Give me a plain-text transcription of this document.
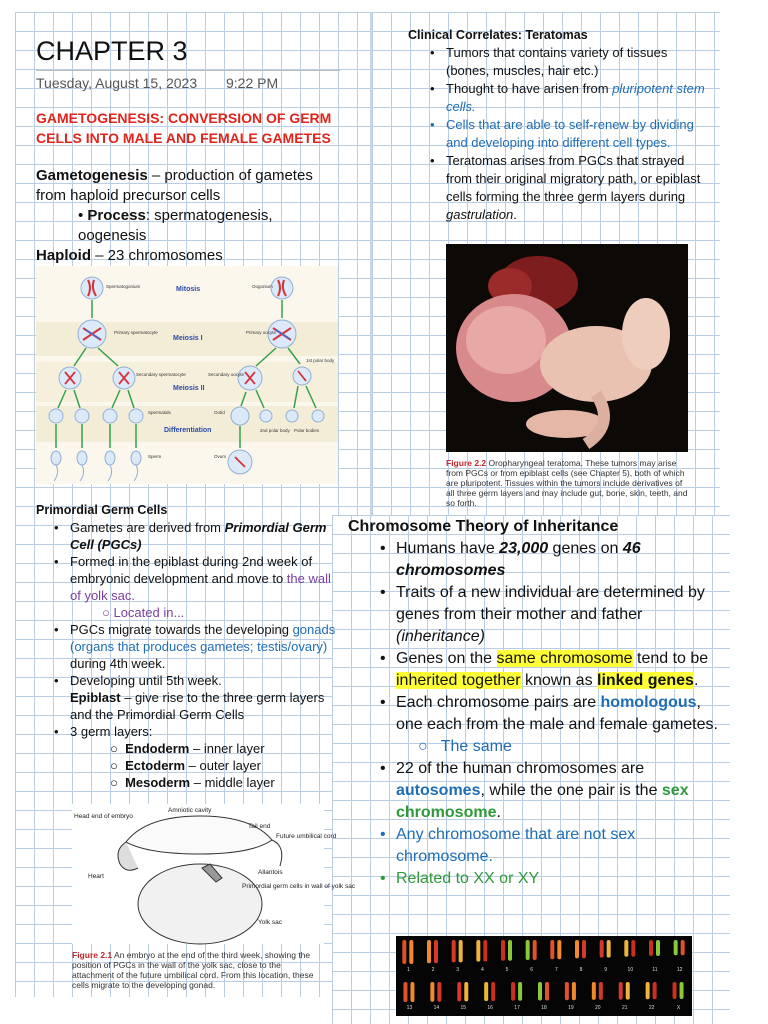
CHAPTER 3
Tuesday, August 15, 2023 9:22 PM
GAMETOGENESIS: CONVERSION OF GERM
CELLS INTO MALE AND FEMALE GAMETES
Gametogenesis – production of gametes from haploid precursor cells
• Process: spermatogenesis, oogenesis
Haploid – 23 chromosomes
Mitosis
Meiosis I
Meiosis II
Differentiation
Spermatogonium	Oogonium
Primary spermatocyte	Primary oocyte
Secondary spermatocyte	Secondary oocyte
1st polar body
Spermatids	Ootid
2nd polar body Polar bodies
Sperm	Ovum
Primordial Germ Cells
• Gametes are derived from Primordial Germ Cell (PGCs)
• Formed in the epiblast during 2nd week of embryonic development and move to the wall of yolk sac.
○ Located in...
• PGCs migrate towards the developing gonads (organs that produces gametes; testis/ovary) during 4th week.
• Developing until 5th week.
Epiblast – give rise to the three germ layers and the Primordial Germ Cells
• 3 germ layers:
○  Endoderm – inner layer
○  Ectoderm – outer layer
○  Mesoderm – middle layer
Amniotic cavity
Head end of embryo
Tail end
Future umbilical cord
Heart
Allantois
Primordial germ cells in wall of yolk sac
Yolk sac
Figure 2.1 An embryo at the end of the third week, showing the position of PGCs in the wall of the yolk sac, close to the attachment of the future umbilical cord. From this location, these cells migrate to the developing gonad.
Clinical Correlates: Teratomas
• Tumors that contains variety of tissues (bones, muscles, hair etc.)
• Thought to have arisen from pluripotent stem cells.
• Cells that are able to self-renew by dividing and developing into different cell types.
• Teratomas arises from PGCs that strayed from their original migratory path, or epiblast cells forming the three germ layers during gastrulation.
Figure 2.2 Oropharyngeal teratoma. These tumors may arise from PGCs or from epiblast cells (see Chapter 5), both of which are pluripotent. Tissues within the tumors include derivatives of all three germ layers and may include gut, bone, skin, teeth, and so forth.
Chromosome Theory of Inheritance
• Humans have 23,000 genes on 46 chromosomes
• Traits of a new individual are determined by genes from their mother and father (inheritance)
• Genes on the same chromosome tend to be inherited together known as linked genes.
• Each chromosome pairs are homologous, one each from the male and female gametes.
○   The same
• 22 of the human chromosomes are autosomes, while the one pair is the sex chromosome.
• Any chromosome that are not sex chromosome.
• Related to XX or XY
1	2	3	4	5	6	7	8	9	10	11	12
13	14	15	16	17	18	19	20	21	22	X
